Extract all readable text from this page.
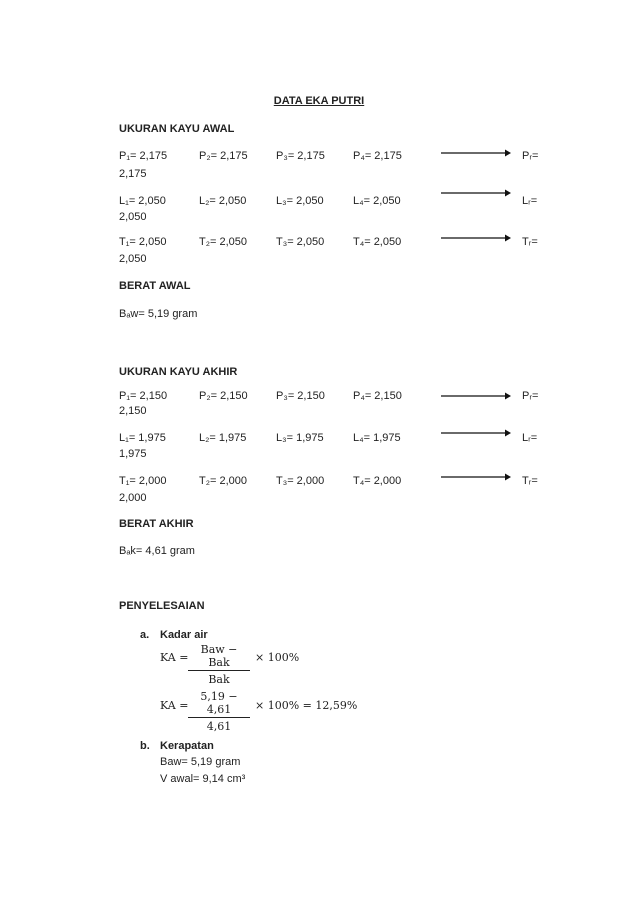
DATA EKA PUTRI
UKURAN KAYU AWAL
P₁= 2,175	P₂= 2,175	P₃= 2,175	P₄= 2,175	Pᵣ=
2,175
L₁= 2,050	L₂= 2,050	L₃= 2,050	L₄= 2,050	Lᵣ=
2,050
T₁= 2,050	T₂= 2,050	T₃= 2,050	T₄= 2,050	Tᵣ=
2,050
BERAT AWAL
Bₐw= 5,19 gram
UKURAN KAYU AKHIR
P₁= 2,150	P₂= 2,150	P₃= 2,150	P₄= 2,150	Pᵣ=
2,150
L₁= 1,975	L₂= 1,975	L₃= 1,975	L₄= 1,975	Lᵣ=
1,975
T₁= 2,000	T₂= 2,000	T₃= 2,000	T₄= 2,000	Tᵣ=
2,000
BERAT AKHIR
Bₐk= 4,61 gram
PENYELESAIAN
a. Kadar air
KA =
Baw − Bak
Bak
× 100%
KA = $\frac{5,19 - 4,61}{4,61} \times 100\% = 12,59\%$
b. Kerapatan
Baw= 5,19 gram
V awal= 9,14 cm³
